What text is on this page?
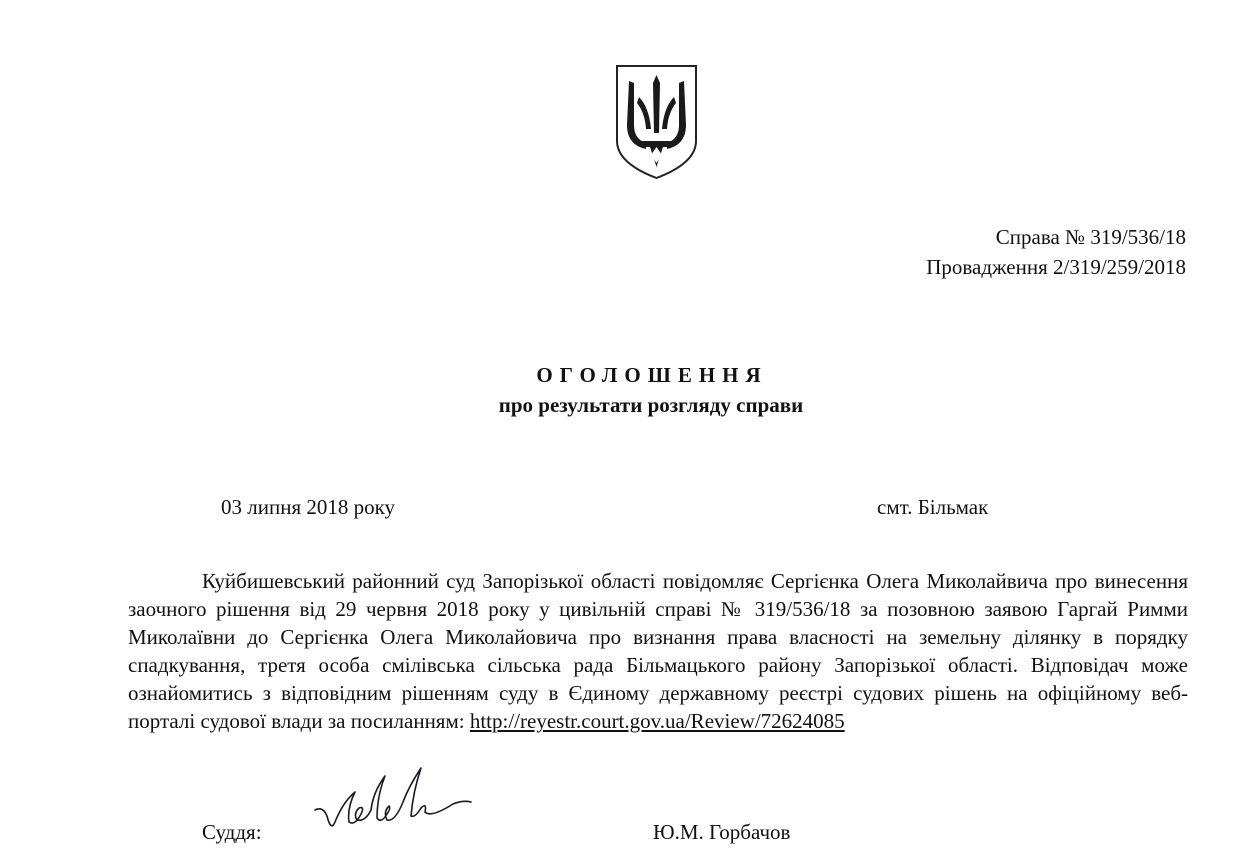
Справа № 319/536/18
Провадження 2/319/259/2018
ОГОЛОШЕННЯ
про результати розгляду справи
03 липня 2018 року	смт. Більмак

Куйбишевський районний суд Запорізької області повідомляє Сергієнка Олега Миколайвича про винесення заочного рішення від 29 червня 2018 року у цивільній справі № 319/536/18 за позовною заявою Гаргай Римми Миколаївни до Сергієнка Олега Миколайовича про визнання права власності на земельну ділянку в порядку спадкування, третя особа смілівська сільська рада Більмацького району Запорізької області. Відповідач може ознайомитись з відповідним рішенням суду в Єдиному державному реєстрі судових рішень на офіційному веб-порталі судової влади за посиланням: http://reyestr.court.gov.ua/Review/72624085

Суддя:	Ю.М. Горбачов
